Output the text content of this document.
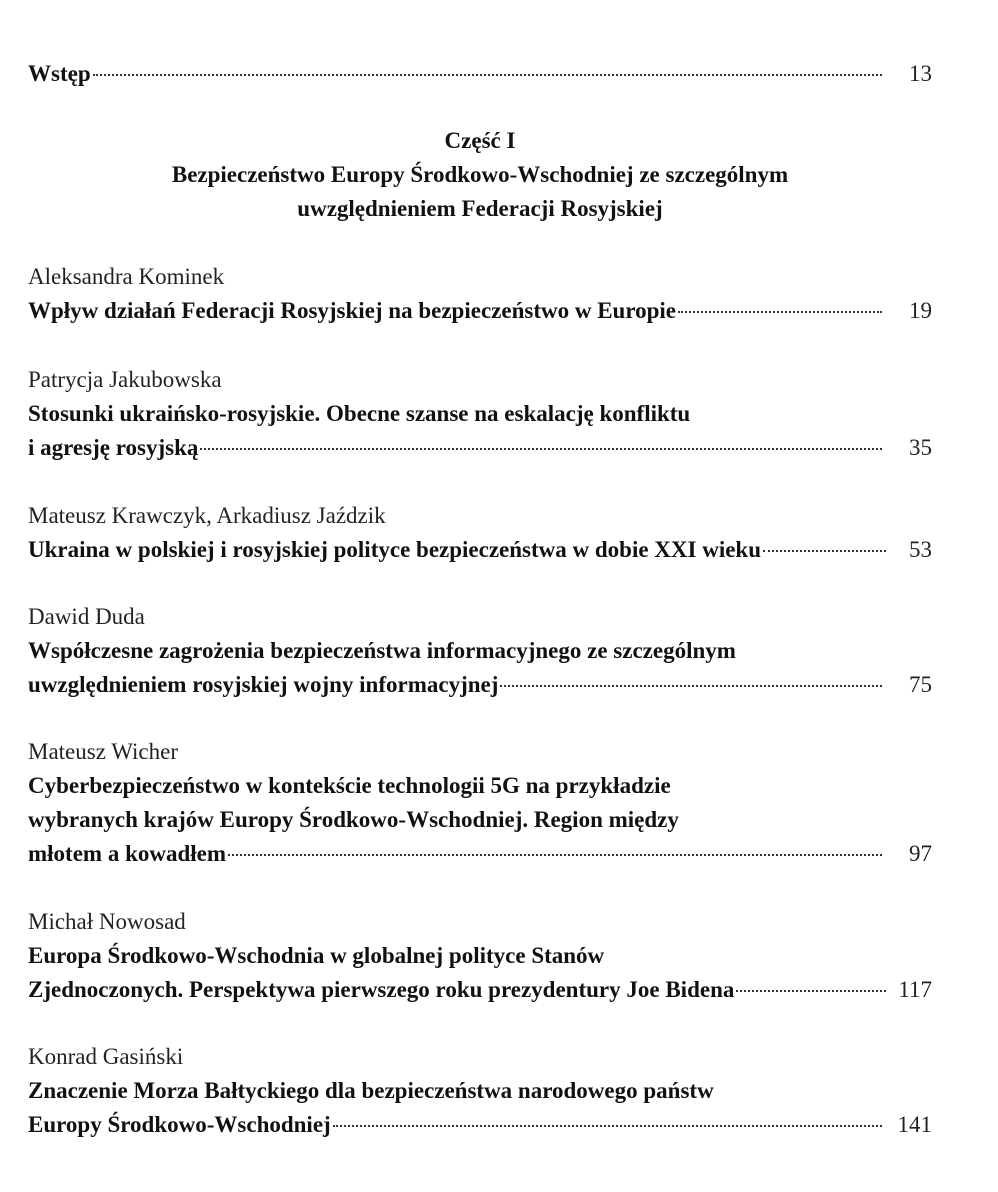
Wstęp	13
Część I
Bezpieczeństwo Europy Środkowo-Wschodniej ze szczególnym
uwzględnieniem Federacji Rosyjskiej
Aleksandra Kominek
Wpływ działań Federacji Rosyjskiej na bezpieczeństwo w Europie	19
Patrycja Jakubowska
Stosunki ukraińsko-rosyjskie. Obecne szanse na eskalację konfliktu
i agresję rosyjską	35
Mateusz Krawczyk, Arkadiusz Jaździk
Ukraina w polskiej i rosyjskiej polityce bezpieczeństwa w dobie XXI wieku	53
Dawid Duda
Współczesne zagrożenia bezpieczeństwa informacyjnego ze szczególnym
uwzględnieniem rosyjskiej wojny informacyjnej	75
Mateusz Wicher
Cyberbezpieczeństwo w kontekście technologii 5G na przykładzie
wybranych krajów Europy Środkowo-Wschodniej. Region między
młotem a kowadłem	97
Michał Nowosad
Europa Środkowo-Wschodnia w globalnej polityce Stanów
Zjednoczonych. Perspektywa pierwszego roku prezydentury Joe Bidena	117
Konrad Gasiński
Znaczenie Morza Bałtyckiego dla bezpieczeństwa narodowego państw
Europy Środkowo-Wschodniej	141
